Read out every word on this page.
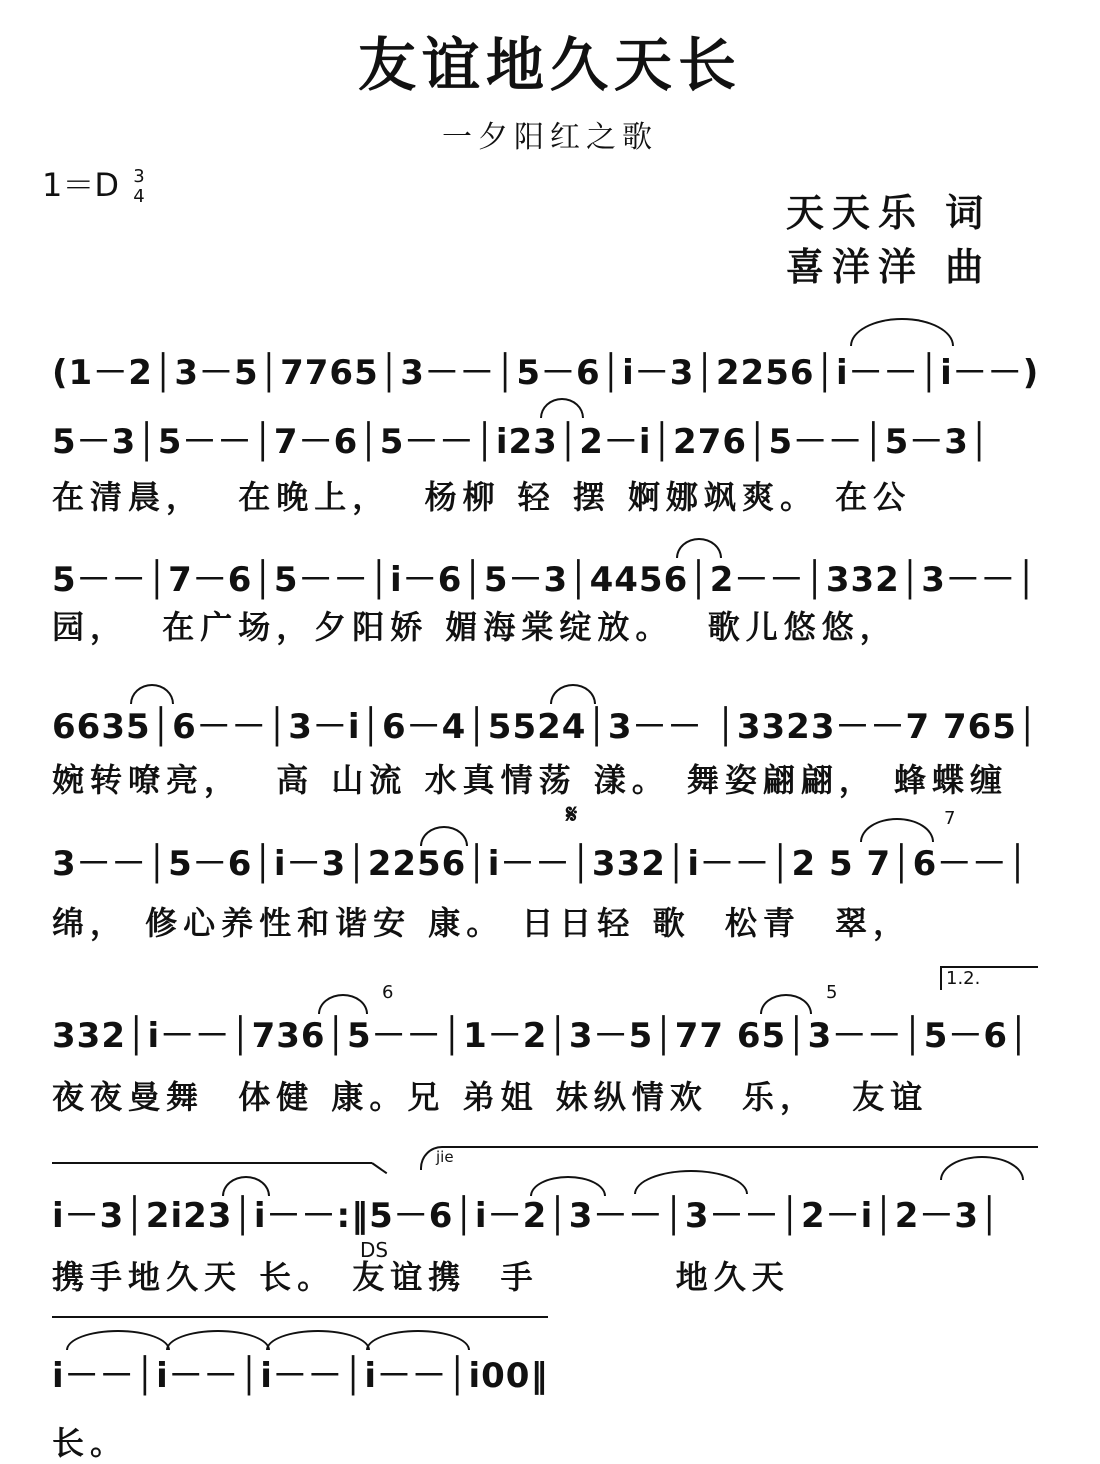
友谊地久天长
一夕阳红之歌
1＝D 3
4	天天乐 词
喜洋洋 曲
(1－2│3－5│7765│3－－│5－6│i－3│2256│i－－│i－－)
5－3│5－－│7－6│5－－│i23│2－i│276│5－－│5－3│
在清晨，  在晚上，  杨柳 轻 摆 婀娜飒爽。 在公
5－－│7－6│5－－│i－6│5－3│4456│2－－│332│3－－│
园，  在广场，夕阳娇 媚海棠绽放。  歌儿悠悠，
6635│6－－│3－i│6－4│5524│3－－ │3323－－7 765│
婉转嘹亮，  高 山流 水真情荡 漾。 舞姿翩翩， 蜂蝶缠
𝄋	7
3－－│5－6│i－3│2256│i－－│332│i－－│2 5 7│6－－│
绵， 修心养性和谐安 康。 日日轻 歌  松青  翠，
1.2.
6	5
332│i－－│736│5－－│1－2│3－5│77 65│3－－│5－6│
夜夜曼舞  体健 康。兄 弟姐 妹纵情欢  乐，  友谊
jie
i－3│2i23│i－－:‖5－6│i－2│3－－│3－－│2－i│2－3│
携手地久天 长。 友谊携  手        地久天
DS
i－－│i－－│i－－│i－－│i00‖
长。
